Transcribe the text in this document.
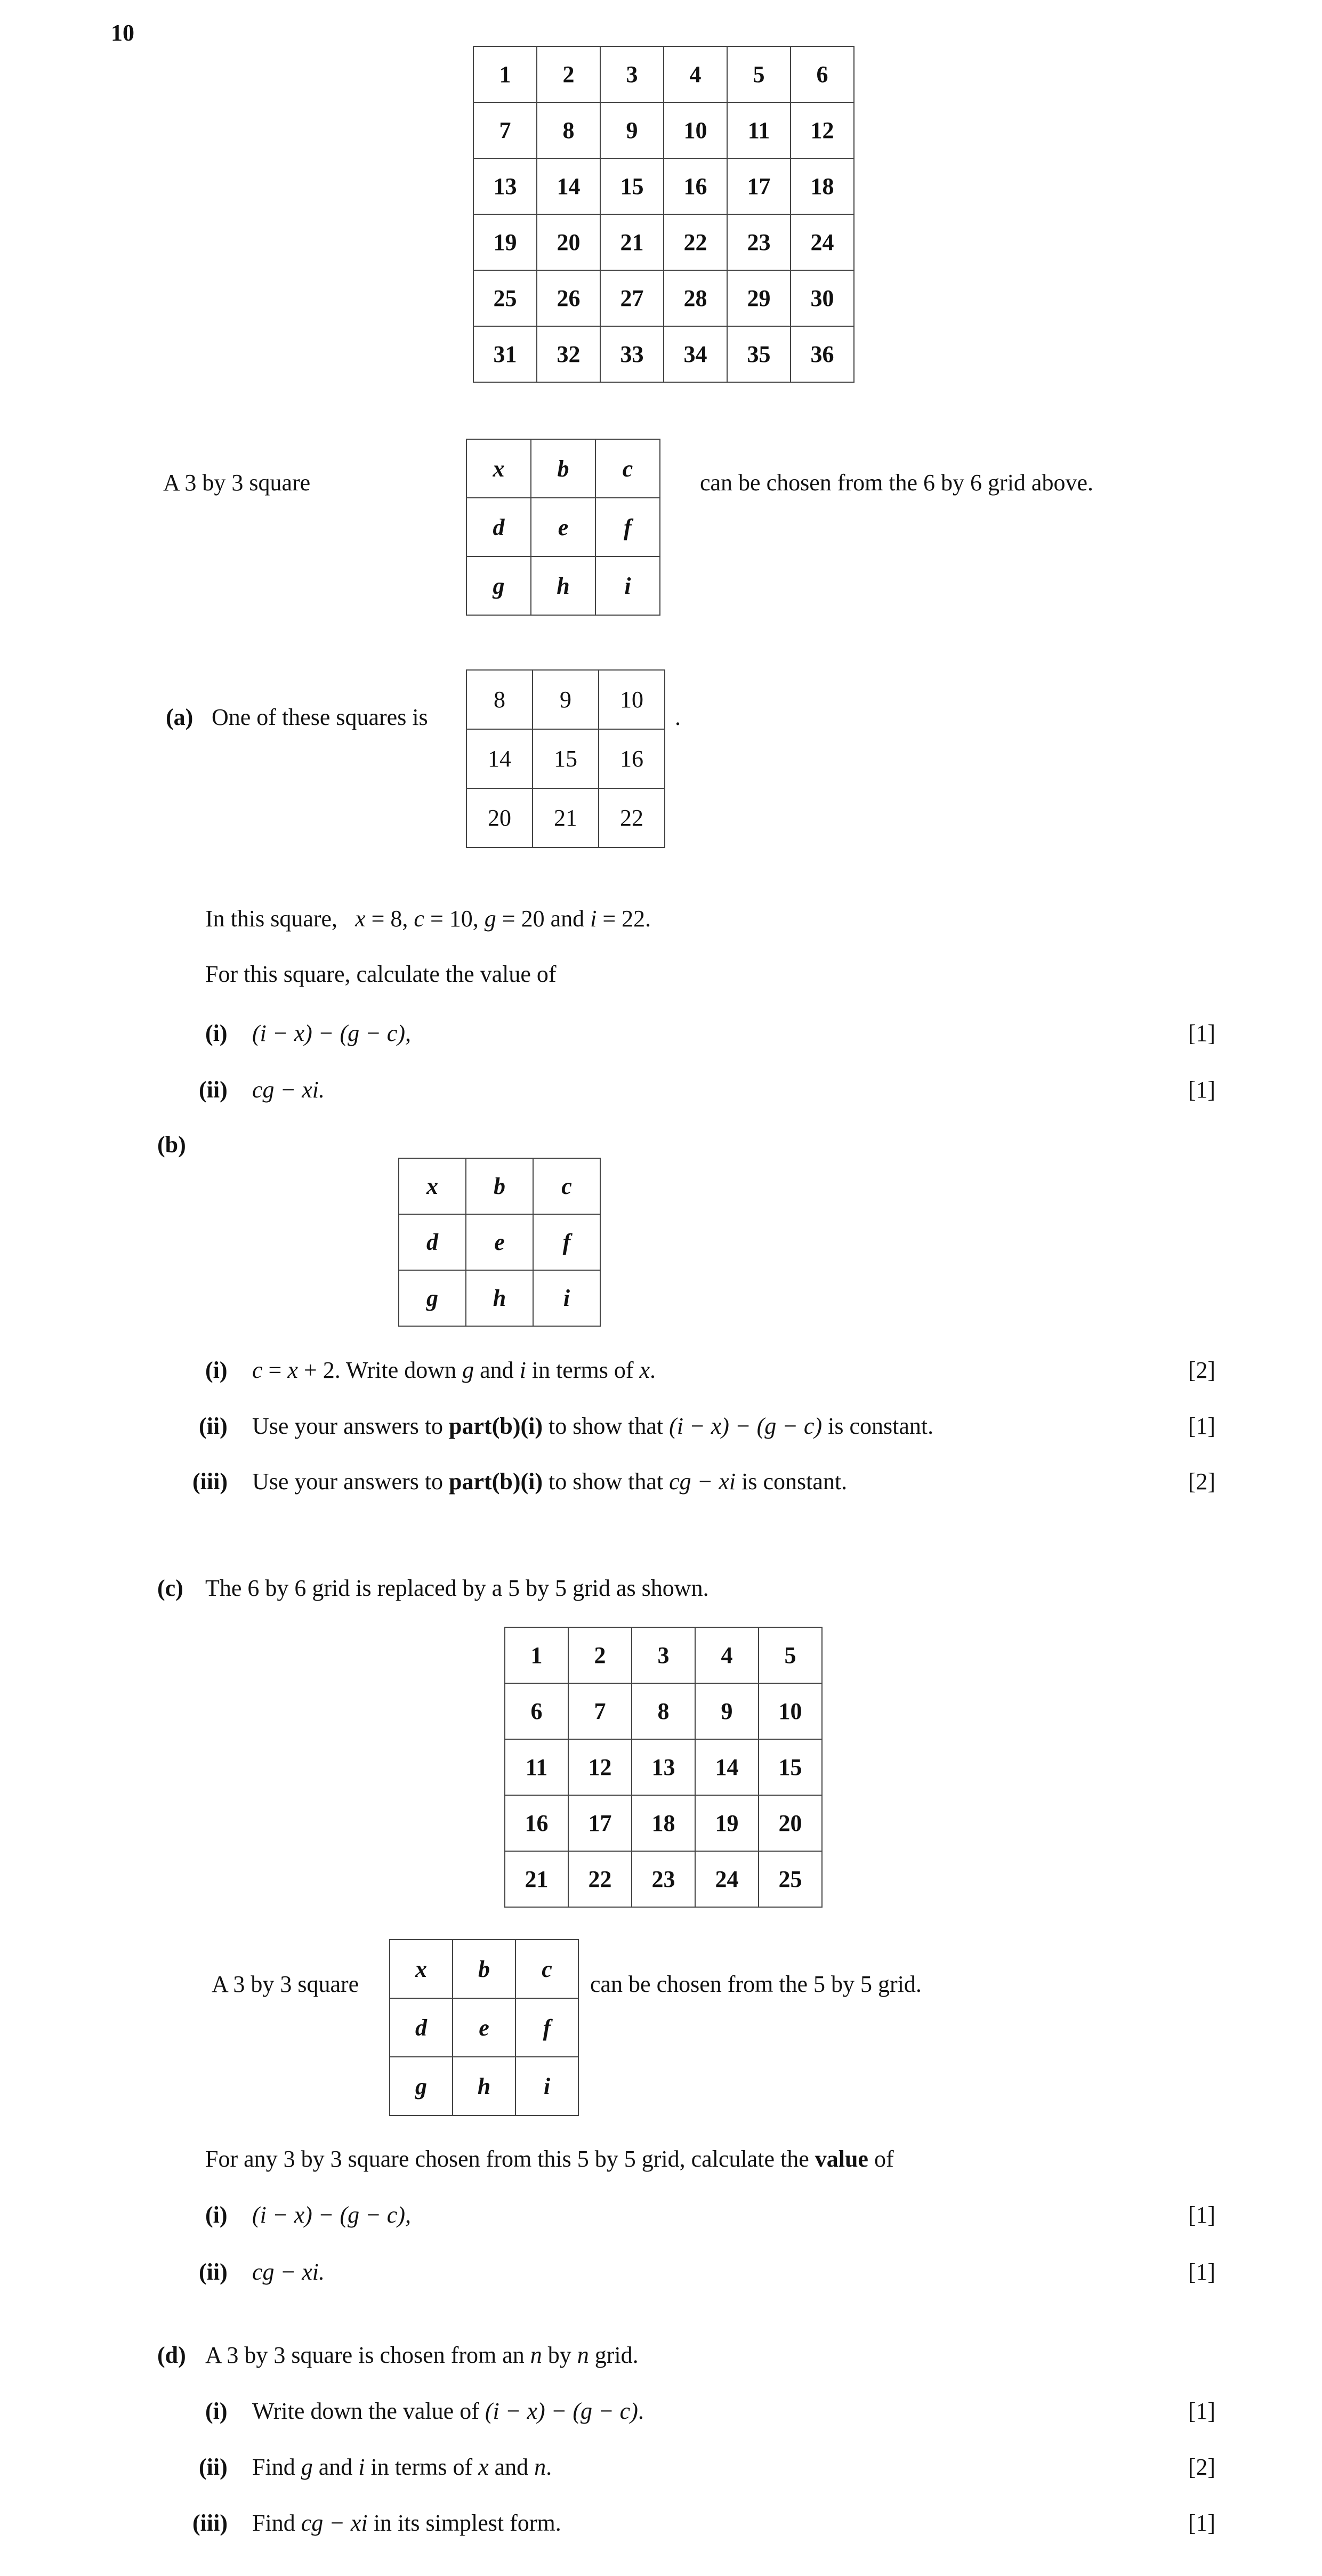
10
1	2	3	4	5	6
7	8	9	10	11	12
13	14	15	16	17	18
19	20	21	22	23	24
25	26	27	28	29	30
31	32	33	34	35	36
A 3 by 3 square
x	b	c
d	e	f
g	h	i
can be chosen from the 6 by 6 grid above.
(a) One of these squares is
8	9	10
14	15	16
20	21	22
.
In this square, x = 8, c = 10, g = 20 and i = 22.
For this square, calculate the value of
(i) (i − x) − (g − c),	[1]
(ii) cg − xi.	[1]
(b)
x	b	c
d	e	f
g	h	i
(i) c = x + 2. Write down g and i in terms of x.	[2]
(ii) Use your answers to part(b)(i) to show that (i − x) − (g − c) is constant.	[1]
(iii) Use your answers to part(b)(i) to show that cg − xi is constant.	[2]
(c) The 6 by 6 grid is replaced by a 5 by 5 grid as shown.
1	2	3	4	5
6	7	8	9	10
11	12	13	14	15
16	17	18	19	20
21	22	23	24	25
A 3 by 3 square
x	b	c
d	e	f
g	h	i
can be chosen from the 5 by 5 grid.
For any 3 by 3 square chosen from this 5 by 5 grid, calculate the value of
(i) (i − x) − (g − c),	[1]
(ii) cg − xi.	[1]
(d) A 3 by 3 square is chosen from an n by n grid.
(i) Write down the value of (i − x) − (g − c).	[1]
(ii) Find g and i in terms of x and n.	[2]
(iii) Find cg − xi in its simplest form.	[1]
